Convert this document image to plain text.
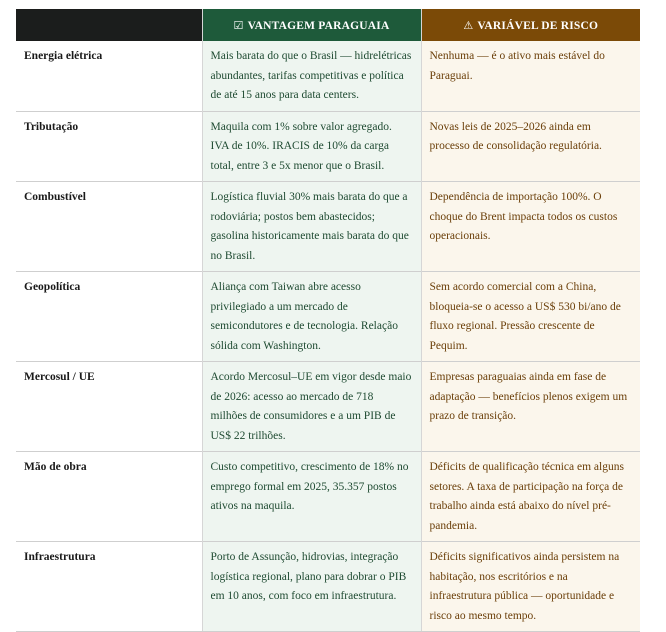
	☑ VANTAGEM PARAGUAIA	⚠ VARIÁVEL DE RISCO
Energia elétrica	Mais barata do que o Brasil — hidrelétricas abundantes, tarifas competitivas e política de até 15 anos para data centers.	Nenhuma — é o ativo mais estável do Paraguai.
Tributação	Maquila com 1% sobre valor agregado. IVA de 10%. IRACIS de 10% da carga total, entre 3 e 5x menor que o Brasil.	Novas leis de 2025–2026 ainda em processo de consolidação regulatória.
Combustível	Logística fluvial 30% mais barata do que a rodoviária; postos bem abastecidos; gasolina historicamente mais barata do que no Brasil.	Dependência de importação 100%. O choque do Brent impacta todos os custos operacionais.
Geopolítica	Aliança com Taiwan abre acesso privilegiado a um mercado de semicondutores e de tecnologia. Relação sólida com Washington.	Sem acordo comercial com a China, bloqueia-se o acesso a US$ 530 bi/ano de fluxo regional. Pressão crescente de Pequim.
Mercosul / UE	Acordo Mercosul–UE em vigor desde maio de 2026: acesso ao mercado de 718 milhões de consumidores e a um PIB de US$ 22 trilhões.	Empresas paraguaias ainda em fase de adaptação — benefícios plenos exigem um prazo de transição.
Mão de obra	Custo competitivo, crescimento de 18% no emprego formal em 2025, 35.357 postos ativos na maquila.	Déficits de qualificação técnica em alguns setores. A taxa de participação na força de trabalho ainda está abaixo do nível pré-pandemia.
Infraestrutura	Porto de Assunção, hidrovias, integração logística regional, plano para dobrar o PIB em 10 anos, com foco em infraestrutura.	Déficits significativos ainda persistem na habitação, nos escritórios e na infraestrutura pública — oportunidade e risco ao mesmo tempo.
